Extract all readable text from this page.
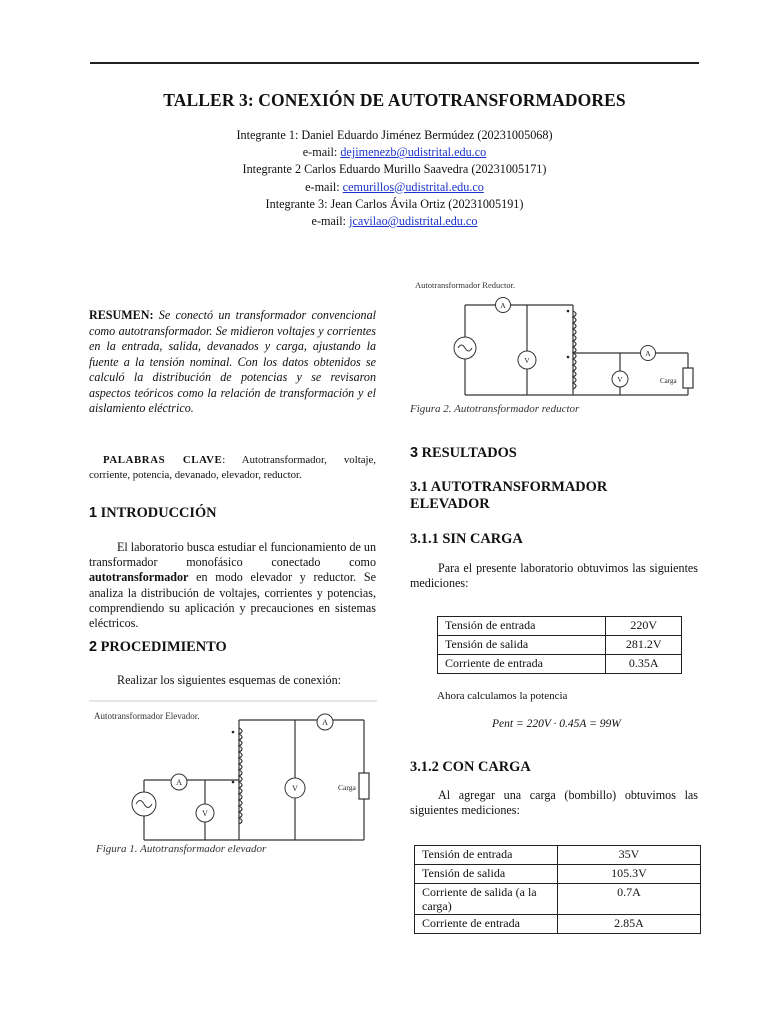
TALLER 3: CONEXIÓN DE AUTOTRANSFORMADORES
Integrante 1: Daniel Eduardo Jiménez Bermúdez (20231005068)
e-mail: dejimenezb@udistrital.edu.co
Integrante 2 Carlos Eduardo Murillo Saavedra (20231005171)
e-mail: cemurillos@udistrital.edu.co
Integrante 3: Jean Carlos Ávila Ortiz (20231005191)
e-mail: jcavilao@udistrital.edu.co
RESUMEN: Se conectó un transformador convencional como autotransformador. Se midieron voltajes y corrientes en la entrada, salida, devanados y carga, ajustando la fuente a la tensión nominal. Con los datos obtenidos se calculó la distribución de potencias y se revisaron aspectos teóricos como la relación de transformación y el aislamiento eléctrico.
PALABRAS CLAVE: Autotransformador, voltaje, corriente, potencia, devanado, elevador, reductor.
1 INTRODUCCIÓN
El laboratorio busca estudiar el funcionamiento de un transformador monofásico conectado como autotransformador en modo elevador y reductor. Se analiza la distribución de voltajes, corrientes y potencias, comprendiendo su aplicación y precauciones en sistemas eléctricos.
2 PROCEDIMIENTO
Realizar los siguientes esquemas de conexión:
Autotransformador Elevador.
A
V
V
A
Carga
Figura 1. Autotransformador elevador
Autotransformador Reductor.
A
V
V
A
Carga
Figura 2. Autotransformador reductor
3 RESULTADOS
3.1 AUTOTRANSFORMADOR ELEVADOR
3.1.1 SIN CARGA
Para el presente laboratorio obtuvimos las siguientes mediciones:
Tensión de entrada	220V
Tensión de salida	281.2V
Corriente de entrada	0.35A
Ahora calculamos la potencia
Pent = 220V · 0.45A = 99W
3.1.2 CON CARGA
Al agregar una carga (bombillo) obtuvimos las siguientes mediciones:
Tensión de entrada	35V
Tensión de salida	105.3V
Corriente de salida (a la carga)	0.7A
Corriente de entrada	2.85A
